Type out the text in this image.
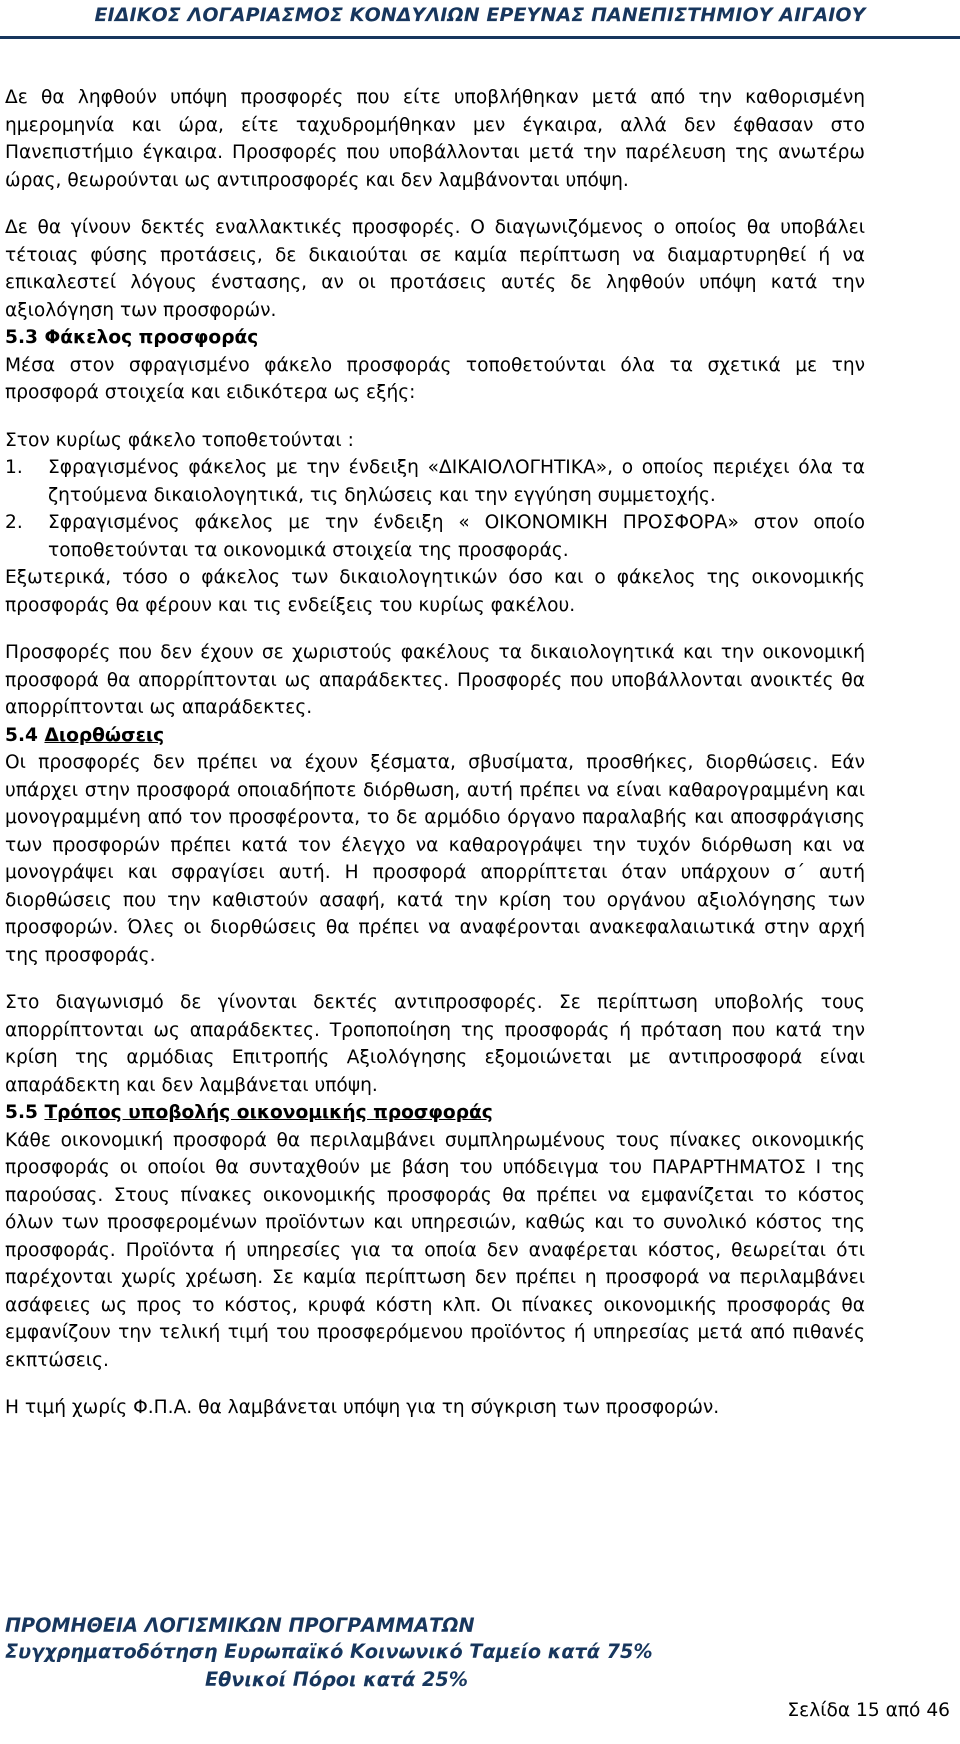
ΕΙΔΙΚΟΣ ΛΟΓΑΡΙΑΣΜΟΣ ΚΟΝΔΥΛΙΩΝ ΕΡΕΥΝΑΣ ΠΑΝΕΠΙΣΤΗΜΙΟΥ ΑΙΓΑΙΟΥ

Δε θα ληφθούν υπόψη προσφορές που είτε υποβλήθηκαν μετά από την καθορισμένη ημερομηνία και ώρα, είτε ταχυδρομήθηκαν μεν έγκαιρα, αλλά δεν έφθασαν στο Πανεπιστήμιο έγκαιρα. Προσφορές που υποβάλλονται μετά την παρέλευση της ανωτέρω ώρας, θεωρούνται ως αντιπροσφορές και δεν λαμβάνονται υπόψη.

Δε θα γίνουν δεκτές εναλλακτικές προσφορές. Ο διαγωνιζόμενος ο οποίος θα υποβάλει τέτοιας φύσης προτάσεις, δε δικαιούται σε καμία περίπτωση να διαμαρτυρηθεί ή να επικαλεστεί λόγους ένστασης, αν οι προτάσεις αυτές δε ληφθούν υπόψη κατά την αξιολόγηση των προσφορών.

5.3 Φάκελος προσφοράς

Μέσα στον σφραγισμένο φάκελο προσφοράς τοποθετούνται όλα τα σχετικά με την προσφορά στοιχεία και ειδικότερα ως εξής:

Στον κυρίως φάκελο τοποθετούνται :

1.	Σφραγισμένος φάκελος με την ένδειξη «ΔΙΚΑΙΟΛΟΓΗΤΙΚΑ», ο οποίος περιέχει όλα τα ζητούμενα δικαιολογητικά, τις δηλώσεις και την εγγύηση συμμετοχής.
2.	Σφραγισμένος φάκελος με την ένδειξη « ΟΙΚΟΝΟΜΙΚΗ ΠΡΟΣΦΟΡΑ» στον οποίο τοποθετούνται τα οικονομικά στοιχεία της προσφοράς.

Εξωτερικά, τόσο ο φάκελος των δικαιολογητικών όσο και ο φάκελος της οικονομικής προσφοράς θα φέρουν και τις ενδείξεις του κυρίως φακέλου.

Προσφορές που δεν έχουν σε χωριστούς φακέλους τα δικαιολογητικά και την οικονομική προσφορά θα απορρίπτονται ως απαράδεκτες. Προσφορές που υποβάλλονται ανοικτές θα απορρίπτονται ως απαράδεκτες.

5.4 Διορθώσεις

Οι προσφορές δεν πρέπει να έχουν ξέσματα, σβυσίματα, προσθήκες, διορθώσεις. Εάν υπάρχει στην προσφορά οποιαδήποτε διόρθωση, αυτή πρέπει να είναι καθαρογραμμένη και μονογραμμένη από τον προσφέροντα, το δε αρμόδιο όργανο παραλαβής και αποσφράγισης των προσφορών πρέπει κατά τον έλεγχο να καθαρογράψει την τυχόν διόρθωση και να μονογράψει και σφραγίσει αυτή. Η προσφορά απορρίπτεται όταν υπάρχουν σ΄ αυτή διορθώσεις που την καθιστούν ασαφή, κατά την κρίση του οργάνου αξιολόγησης των προσφορών. Όλες οι διορθώσεις θα πρέπει να αναφέρονται ανακεφαλαιωτικά στην αρχή της προσφοράς.

Στο διαγωνισμό δε γίνονται δεκτές αντιπροσφορές. Σε περίπτωση υποβολής τους απορρίπτονται ως απαράδεκτες. Τροποποίηση της προσφοράς ή πρόταση που κατά την κρίση της αρμόδιας Επιτροπής Αξιολόγησης εξομοιώνεται με αντιπροσφορά είναι απαράδεκτη και δεν λαμβάνεται υπόψη.

5.5 Τρόπος υποβολής οικονομικής προσφοράς

Κάθε οικονομική προσφορά θα περιλαμβάνει συμπληρωμένους τους πίνακες οικονομικής προσφοράς οι οποίοι θα συνταχθούν με βάση του υπόδειγμα του ΠΑΡΑΡΤΗΜΑΤΟΣ Ι της παρούσας. Στους πίνακες οικονομικής προσφοράς θα πρέπει να εμφανίζεται το κόστος όλων των προσφερομένων προϊόντων και υπηρεσιών, καθώς και το συνολικό κόστος της προσφοράς. Προϊόντα ή υπηρεσίες για τα οποία δεν αναφέρεται κόστος, θεωρείται ότι παρέχονται χωρίς χρέωση. Σε καμία περίπτωση δεν πρέπει η προσφορά να περιλαμβάνει ασάφειες ως προς το κόστος, κρυφά κόστη κλπ. Οι πίνακες οικονομικής προσφοράς θα εμφανίζουν την τελική τιμή του προσφερόμενου προϊόντος ή υπηρεσίας μετά από πιθανές εκπτώσεις.

Η τιμή χωρίς Φ.Π.Α. θα λαμβάνεται υπόψη για τη σύγκριση των προσφορών.

ΠΡΟΜΗΘΕΙΑ ΛΟΓΙΣΜΙΚΩΝ ΠΡΟΓΡΑΜΜΑΤΩΝ
Συγχρηματοδότηση Ευρωπαϊκό Κοινωνικό Ταμείο κατά 75%
Εθνικοί Πόροι κατά 25%
Σελίδα 15 από 46
